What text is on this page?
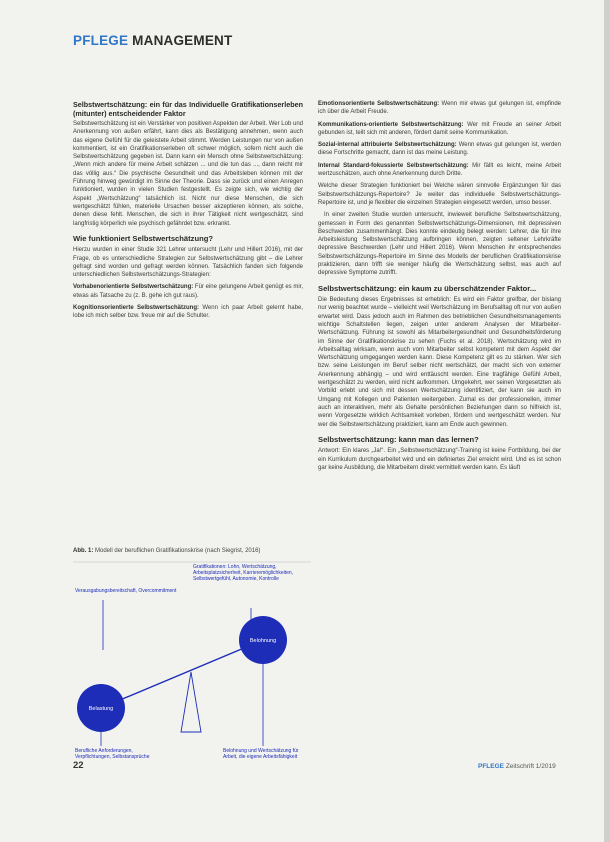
PFLEGE MANAGEMENT
Selbstwertschätzung: ein für das Individuelle Gratifikationserleben (mitunter) entscheidender Faktor

Selbstwertschätzung ist ein Verstärker von positiven Aspekten der Arbeit. Wer Lob und Anerkennung von außen erfährt, kann dies als Bestätigung annehmen, wenn auch das eigene Gefühl für die geleistete Arbeit stimmt. Werden Leistungen nur von außen kommentiert, ist ein Gratifikationserleben oft schwer möglich, sofern nicht auch die Selbstwertschätzung gegeben ist. Dann kann ein Mensch ohne Selbstwertschätzung: „Wenn mich andere für meine Arbeit schätzen ... und die tun das ..., dann reicht mir das völlig aus.“ Die psychische Gesundheit und das Arbeitsleben können mit der Führung hinweg gewürdigt im Sinne der Theorie. Dass sie zurück und einen Anregen funktioniert, wurden in vielen Studien festgestellt. Es zeigte sich, wie wichtig der Aspekt „Wertschätzung“ tatsächlich ist. Nicht nur diese Menschen, die sich wertgeschätzt fühlen, materielle Ursachen besser akzeptieren können, als solche, denen diese fehlt. Menschen, die sich in ihrer Tätigkeit nicht wertgeschätzt, sind langfristig körperlich wie psychisch gefährdet bzw. erkrankt.

Wie funktioniert Selbstwertschätzung?

Hierzu wurden in einer Studie 321 Lehrer untersucht (Lehr und Hillert 2016), mit der Frage, ob es unterschiedliche Strategien zur Selbstwertschätzung gibt – die Lehrer gefragt sind worden und gefragt werden können. Tatsächlich fanden sich folgende unterschiedlichen Selbstwertschätzungs-Strategien:

Vorhabenorientierte Selbstwertschätzung: Für eine gelungene Arbeit genügt es mir, etwas als Tatsache zu (z. B. gehe ich gut raus).

Kognitionsorientierte Selbstwertschätzung: Wenn ich paar Arbeit gelernt habe, lobe ich mich selber bzw. freue mir auf die Schulter.

Abb. 1: Modell der beruflichen Gratifikationskrise (nach Siegrist, 2016)
Gratifikationen: Lohn, Wertschätzung, Arbeitsplatzsicherheit, Karrieremöglichkeiten, Selbstwertgefühl, Autonomie, Kontrolle
Verausgabungsbereitschaft, Overcommitment
Belastung
Belohnung
Berufliche Anforderungen, Verpflichtungen, Selbstansprüche
Belohnung und Wertschätzung für Arbeit, die eigene Arbeitsfähigkeit

Emotionsorientierte Selbstwertschätzung: Wenn mir etwas gut gelungen ist, empfinde ich über die Arbeit Freude.

Kommunikations-orientierte Selbstwertschätzung: Wer mit Freude an seiner Arbeit gebunden ist, teilt sich mit anderen, fördert damit seine Kommunikation.

Sozial-internal attribuierte Selbstwertschätzung: Wenn etwas gut gelungen ist, werden diese Fortschritte gemacht, dann ist das meine Leistung.

Internal Standard-fokussierte Selbstwertschätzung: Mir fällt es leicht, meine Arbeit wertzuschätzen, auch ohne Anerkennung durch Dritte.

Welche dieser Strategien funktioniert bei Welche wären sinnvolle Ergänzungen für das Selbstwertschätzungs-Repertoire? Je weiter das individuelle Selbstwertschätzungs-Repertoire ist, und je flexibler die einzelnen Strategien eingesetzt werden, umso besser.

In einer zweiten Studie wurden untersucht, inwieweit berufliche Selbstwertschätzung, gemessen in Form des genannten Selbstwertschätzungs-Dimensionen, mit depressiven Beschwerden zusammenhängt. Dies konnte eindeutig belegt werden: Lehrer, die für ihre Arbeitsleistung Selbstwertschätzung aufbringen können, zeigten seltener Lehrkräfte depressive Beschwerden (Lehr und Hillert 2016). Wenn Menschen ihr entsprechendes Selbstwertschätzungs-Repertoire im Sinne des Modells der beruflichen Gratifikationskrise praktizieren, dann trifft sie weniger häufig die Wertschätzung selbst, was auch auf depressive Symptome zutrifft.

Selbstwertschätzung: ein kaum zu überschätzender Faktor...

Die Bedeutung dieses Ergebnisses ist erheblich: Es wird ein Faktor greifbar, der bislang nur wenig beachtet wurde – vielleicht weil Wertschätzung im Berufsalltag oft nur von außen erwartet wird. Dass jedoch auch im Rahmen des betrieblichen Gesundheitsmanagements wichtige Schaltstellen liegen, zeigen unter anderem Analysen der Mitarbeiter-Wertschätzung. Führung ist sowohl als Mitarbeitergesundheit und Gesundheitsförderung im Sinne der Gratifikationskrise zu sehen (Fuchs et al. 2018). Wertschätzung wird im Arbeitsalltag wirksam, wenn auch vom Mitarbeiter selbst kompetent mit dem Aspekt der Wertschätzung umgegangen werden kann. Diese Kompetenz gilt es zu stärken. Wer sich bzw. seine Leistungen im Beruf selber nicht wertschätzt, der macht sich von externer Anerkennung abhängig – und wird enttäuscht werden. Eine tragfähige Gefühl Arbeit, wertgeschätzt zu werden, wird nicht aufkommen. Umgekehrt, wer seinen Vorgesetzten als Vorbild erlebt und sich mit dessen Wertschätzung identifiziert, der kann sie auch im Umgang mit Kollegen und Patienten weitergeben. Zumal es der professionellen, immer auch an interaktiven, mehr als Gehalte persönlichen Beziehungen dann so hilfreich ist, wenn Vorgesetzte wirklich Achtsamkeit vorleben, fördern und wertgeschätzt werden. Nur wer die Selbstwertschätzung praktiziert, kann am Ende auch gewinnen.

Selbstwertschätzung: kann man das lernen?

Antwort: Ein klares „Ja!“. Ein „Selbstwertschätzung“-Training ist keine Fortbildung, bei der ein Kurrikulum durchgearbeitet wird und ein definiertes Ziel erreicht wird. Und es ist schon gar keine Ausbildung, die Mitarbeitern direkt vermittelt werden kann. Es läuft

22	PFLEGE Zeitschrift 1/2019
